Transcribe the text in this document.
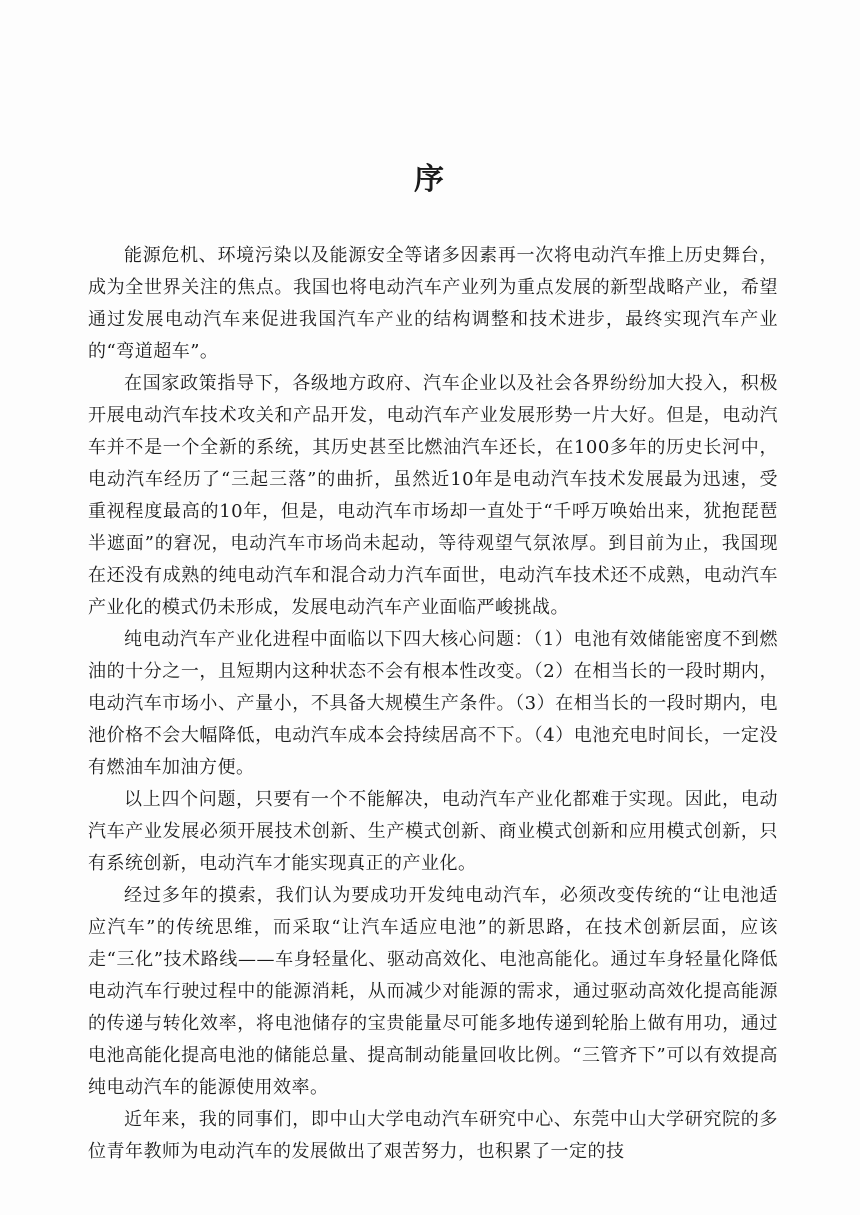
序

能源危机、环境污染以及能源安全等诸多因素再一次将电动汽车推上历史舞台，成为全世界关注的焦点。我国也将电动汽车产业列为重点发展的新型战略产业，希望通过发展电动汽车来促进我国汽车产业的结构调整和技术进步，最终实现汽车产业的“弯道超车”。

在国家政策指导下，各级地方政府、汽车企业以及社会各界纷纷加大投入，积极开展电动汽车技术攻关和产品开发，电动汽车产业发展形势一片大好。但是，电动汽车并不是一个全新的系统，其历史甚至比燃油汽车还长，在100多年的历史长河中，电动汽车经历了“三起三落”的曲折，虽然近10年是电动汽车技术发展最为迅速，受重视程度最高的10年，但是，电动汽车市场却一直处于“千呼万唤始出来，犹抱琵琶半遮面”的窘况，电动汽车市场尚未起动，等待观望气氛浓厚。到目前为止，我国现在还没有成熟的纯电动汽车和混合动力汽车面世，电动汽车技术还不成熟，电动汽车产业化的模式仍未形成，发展电动汽车产业面临严峻挑战。

纯电动汽车产业化进程中面临以下四大核心问题：（1）电池有效储能密度不到燃油的十分之一，且短期内这种状态不会有根本性改变。（2）在相当长的一段时期内，电动汽车市场小、产量小，不具备大规模生产条件。（3）在相当长的一段时期内，电池价格不会大幅降低，电动汽车成本会持续居高不下。（4）电池充电时间长，一定没有燃油车加油方便。

以上四个问题，只要有一个不能解决，电动汽车产业化都难于实现。因此，电动汽车产业发展必须开展技术创新、生产模式创新、商业模式创新和应用模式创新，只有系统创新，电动汽车才能实现真正的产业化。

经过多年的摸索，我们认为要成功开发纯电动汽车，必须改变传统的“让电池适应汽车”的传统思维，而采取“让汽车适应电池”的新思路，在技术创新层面，应该走“三化”技术路线——车身轻量化、驱动高效化、电池高能化。通过车身轻量化降低电动汽车行驶过程中的能源消耗，从而减少对能源的需求，通过驱动高效化提高能源的传递与转化效率，将电池储存的宝贵能量尽可能多地传递到轮胎上做有用功，通过电池高能化提高电池的储能总量、提高制动能量回收比例。“三管齐下”可以有效提高纯电动汽车的能源使用效率。

近年来，我的同事们，即中山大学电动汽车研究中心、东莞中山大学研究院的多位青年教师为电动汽车的发展做出了艰苦努力，也积累了一定的技
